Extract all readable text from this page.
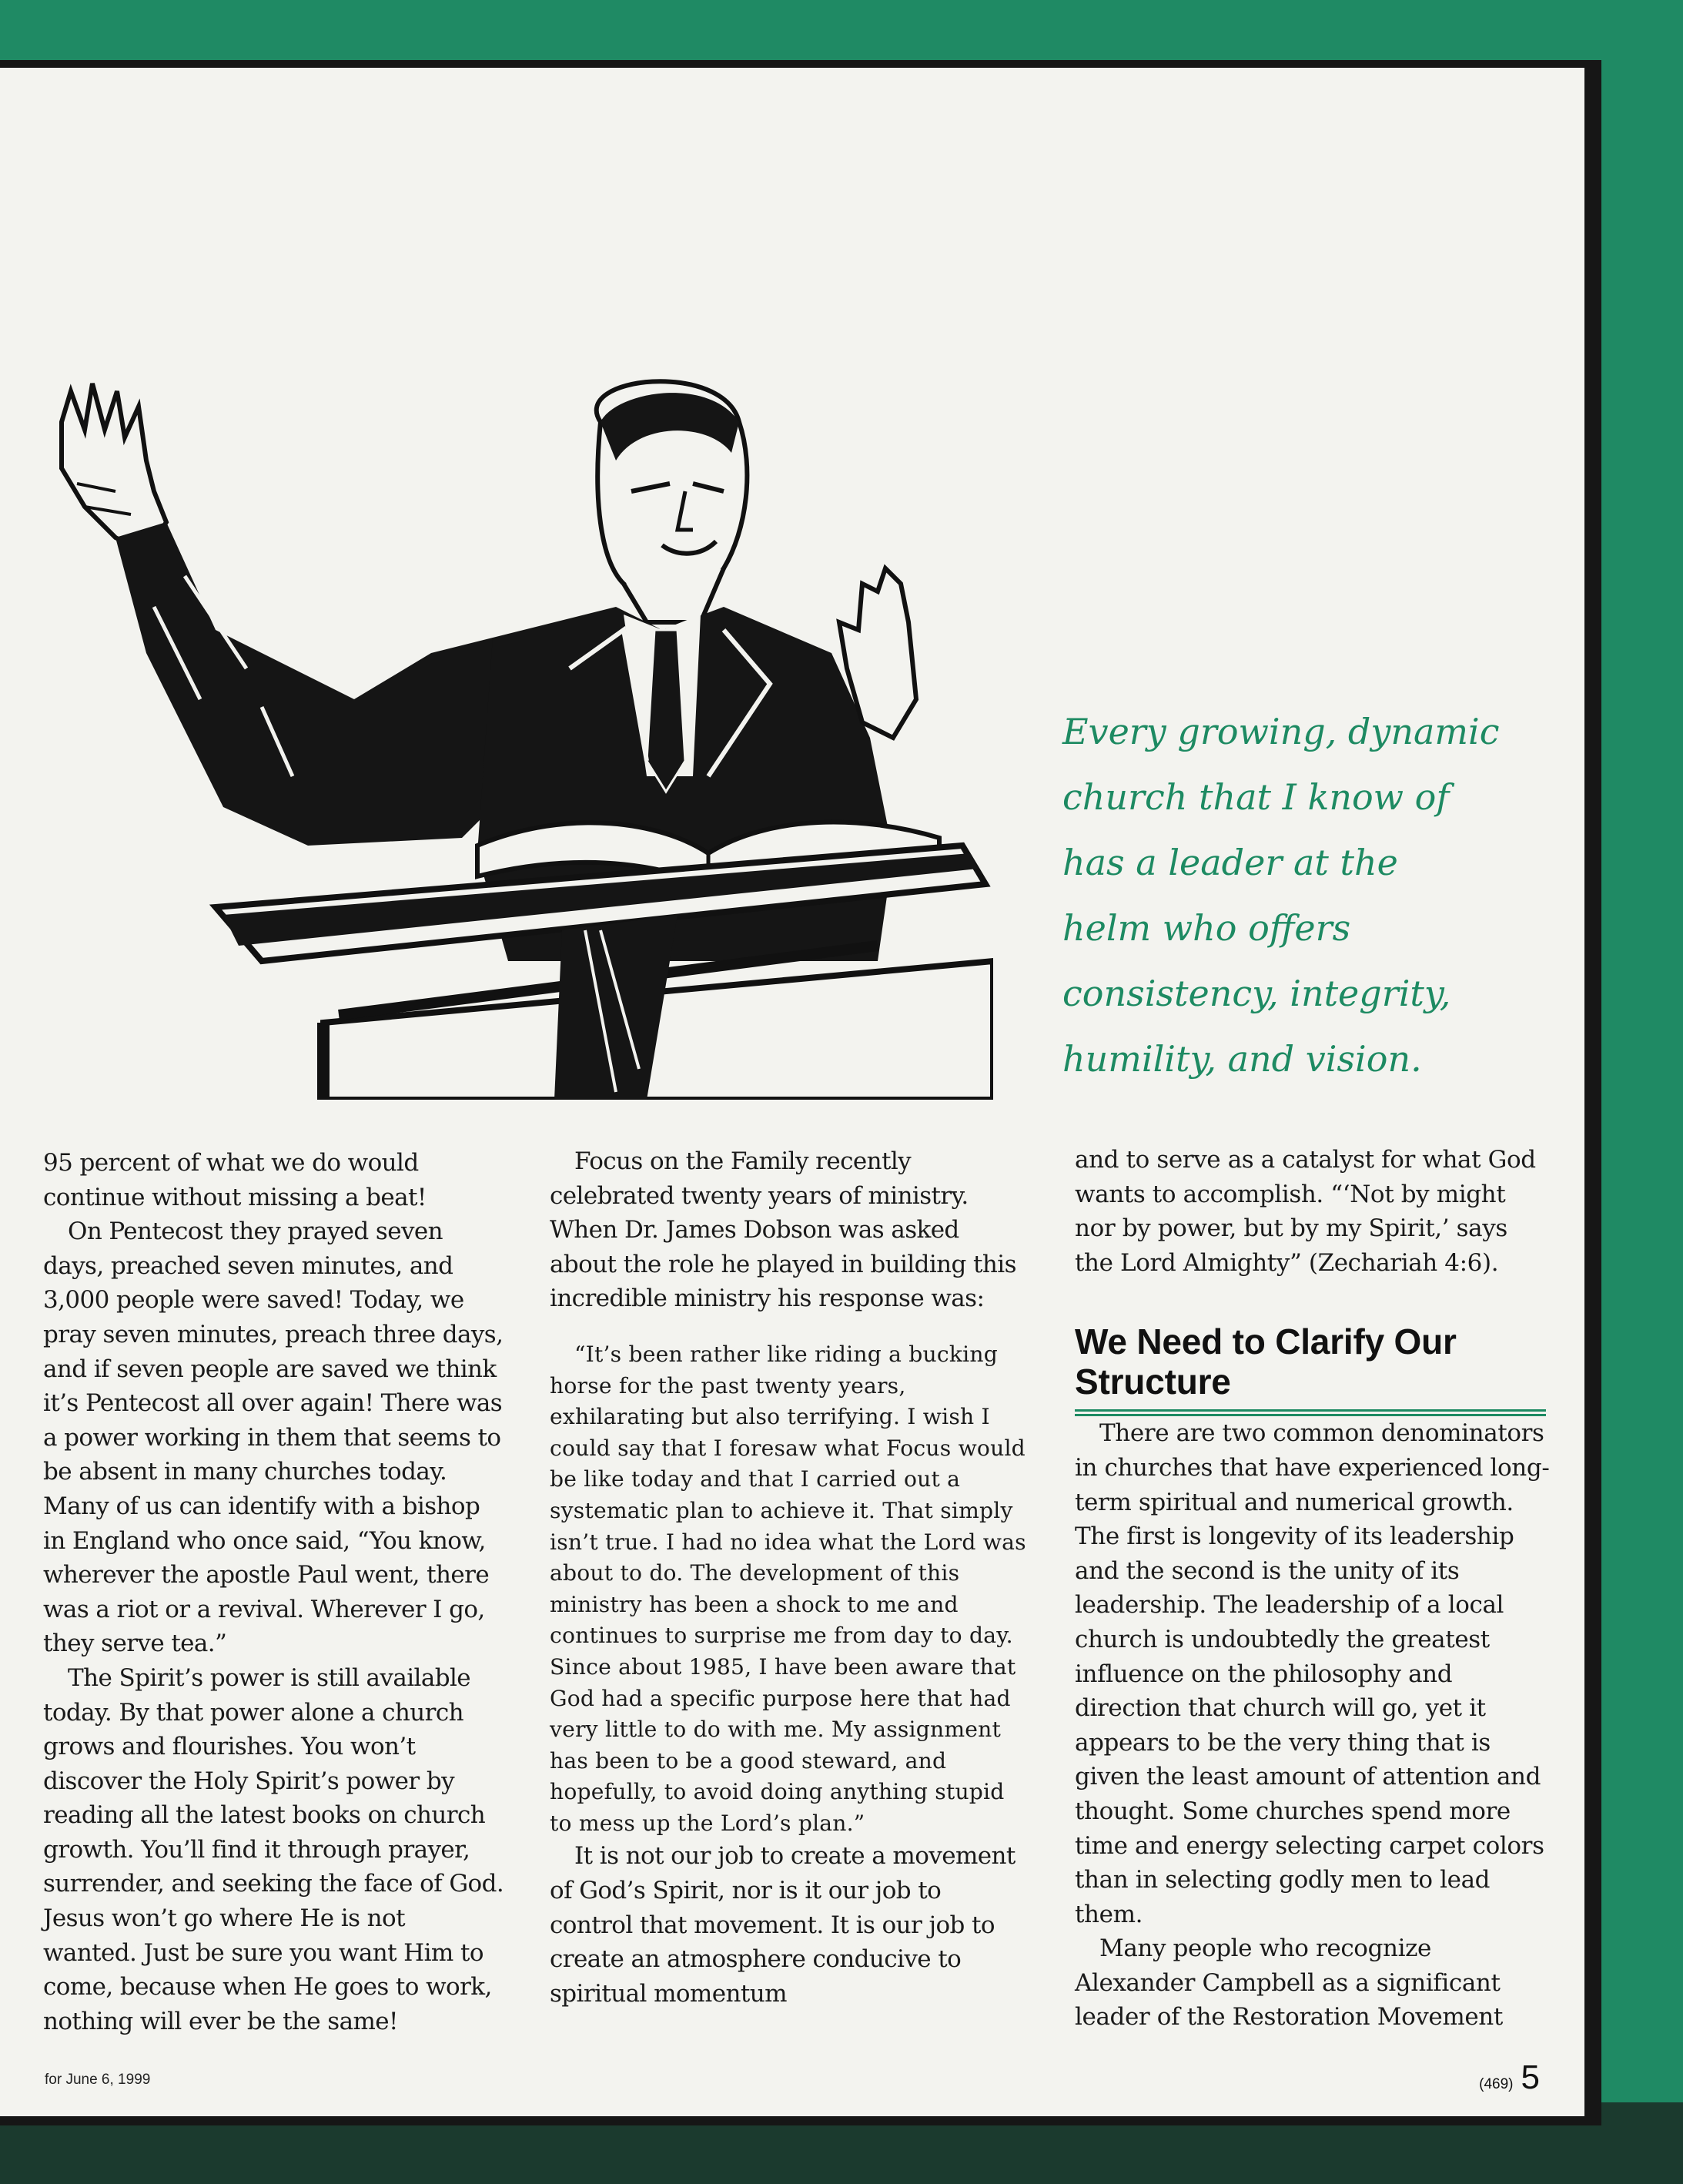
Every growing, dynamic
church that I know of
has a leader at the
helm who offers
consistency, integrity,
humility, and vision.

95 percent of what we do would continue without missing a beat!

On Pentecost they prayed seven days, preached seven minutes, and 3,000 people were saved! Today, we pray seven minutes, preach three days, and if seven people are saved we think it’s Pentecost all over again! There was a power working in them that seems to be absent in many churches today. Many of us can identify with a bishop in England who once said, “You know, wherever the apostle Paul went, there was a riot or a revival. Wherever I go, they serve tea.”

The Spirit’s power is still available today. By that power alone a church grows and flourishes. You won’t discover the Holy Spirit’s power by reading all the latest books on church growth. You’ll find it through prayer, surrender, and seeking the face of God. Jesus won’t go where He is not wanted. Just be sure you want Him to come, because when He goes to work, nothing will ever be the same!

Focus on the Family recently celebrated twenty years of ministry. When Dr. James Dobson was asked about the role he played in building this incredible ministry his response was:

“It’s been rather like riding a bucking horse for the past twenty years, exhilarating but also terrifying. I wish I could say that I foresaw what Focus would be like today and that I carried out a systematic plan to achieve it. That simply isn’t true. I had no idea what the Lord was about to do. The development of this ministry has been a shock to me and continues to surprise me from day to day. Since about 1985, I have been aware that God had a specific purpose here that had very little to do with me. My assignment has been to be a good steward, and hopefully, to avoid doing anything stupid to mess up the Lord’s plan.”

It is not our job to create a movement of God’s Spirit, nor is it our job to control that movement. It is our job to create an atmosphere conducive to spiritual momentum

and to serve as a catalyst for what God wants to accomplish. “‘Not by might nor by power, but by my Spirit,’ says the Lord Almighty” (Zechariah 4:6).

We Need to Clarify Our Structure

There are two common denominators in churches that have experienced long-term spiritual and numerical growth. The first is longevity of its leadership and the second is the unity of its leadership. The leadership of a local church is undoubtedly the greatest influence on the philosophy and direction that church will go, yet it appears to be the very thing that is given the least amount of attention and thought. Some churches spend more time and energy selecting carpet colors than in selecting godly men to lead them.

Many people who recognize Alexander Campbell as a significant leader of the Restoration Movement

for June 6, 1999	(469) 5
